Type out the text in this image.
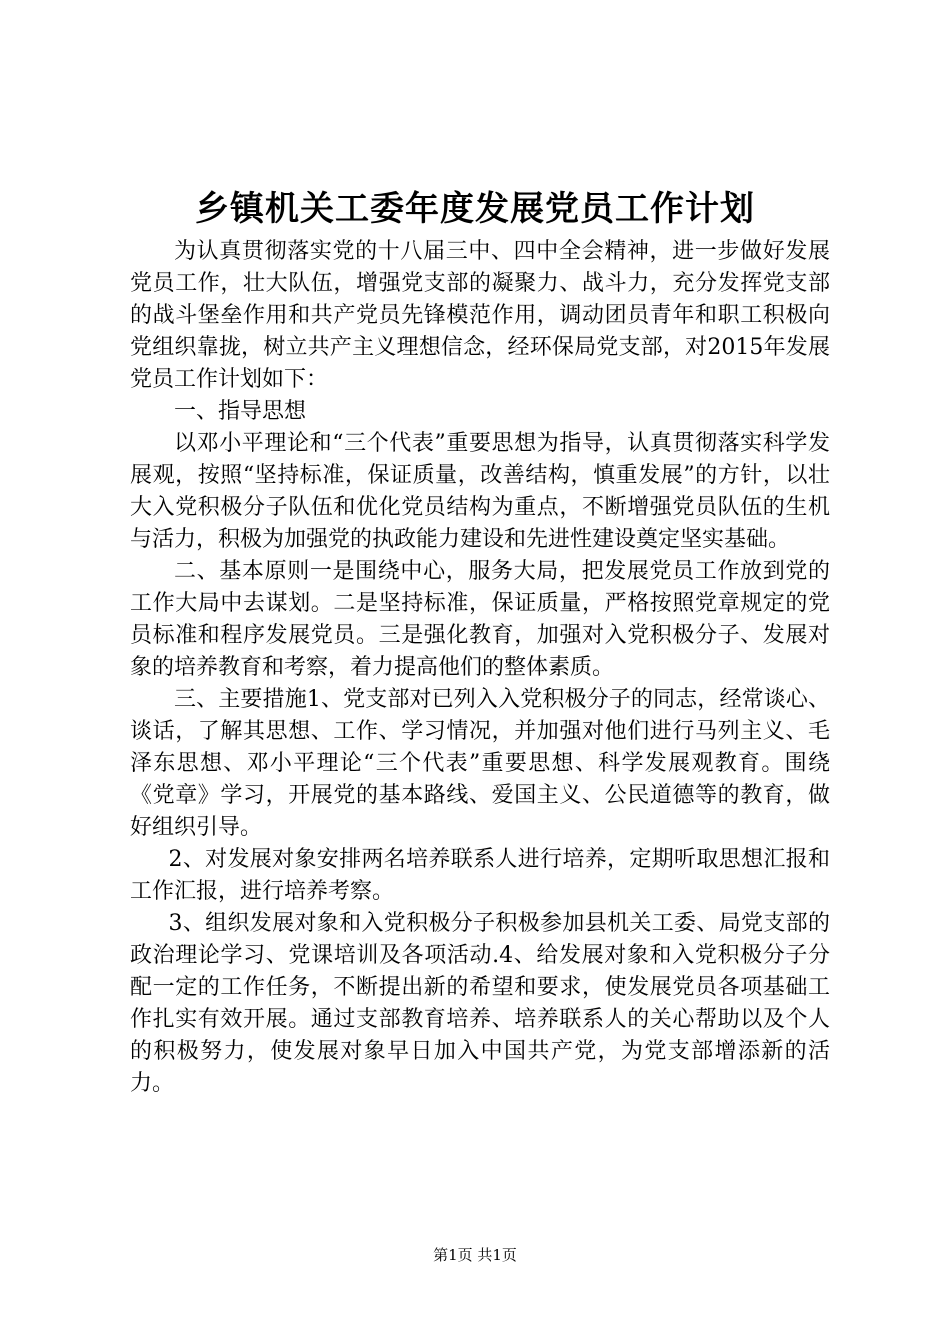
乡镇机关工委年度发展党员工作计划

为认真贯彻落实党的十八届三中、四中全会精神，进一步做好发展党员工作，壮大队伍，增强党支部的凝聚力、战斗力，充分发挥党支部的战斗堡垒作用和共产党员先锋模范作用，调动团员青年和职工积极向党组织靠拢，树立共产主义理想信念，经环保局党支部，对2015年发展党员工作计划如下：

一、指导思想

以邓小平理论和“三个代表”重要思想为指导，认真贯彻落实科学发展观，按照“坚持标准，保证质量，改善结构，慎重发展”的方针，以壮大入党积极分子队伍和优化党员结构为重点，不断增强党员队伍的生机与活力，积极为加强党的执政能力建设和先进性建设奠定坚实基础。

二、基本原则一是围绕中心，服务大局，把发展党员工作放到党的工作大局中去谋划。二是坚持标准，保证质量，严格按照党章规定的党员标准和程序发展党员。三是强化教育，加强对入党积极分子、发展对象的培养教育和考察，着力提高他们的整体素质。

三、主要措施1、党支部对已列入入党积极分子的同志，经常谈心、谈话，了解其思想、工作、学习情况，并加强对他们进行马列主义、毛泽东思想、邓小平理论“三个代表”重要思想、科学发展观教育。围绕《党章》学习，开展党的基本路线、爱国主义、公民道德等的教育，做好组织引导。

2、对发展对象安排两名培养联系人进行培养，定期听取思想汇报和工作汇报，进行培养考察。

3、组织发展对象和入党积极分子积极参加县机关工委、局党支部的政治理论学习、党课培训及各项活动.4、给发展对象和入党积极分子分配一定的工作任务，不断提出新的希望和要求，使发展党员各项基础工作扎实有效开展。通过支部教育培养、培养联系人的关心帮助以及个人的积极努力，使发展对象早日加入中国共产党，为党支部增添新的活力。

第1页 共1页
